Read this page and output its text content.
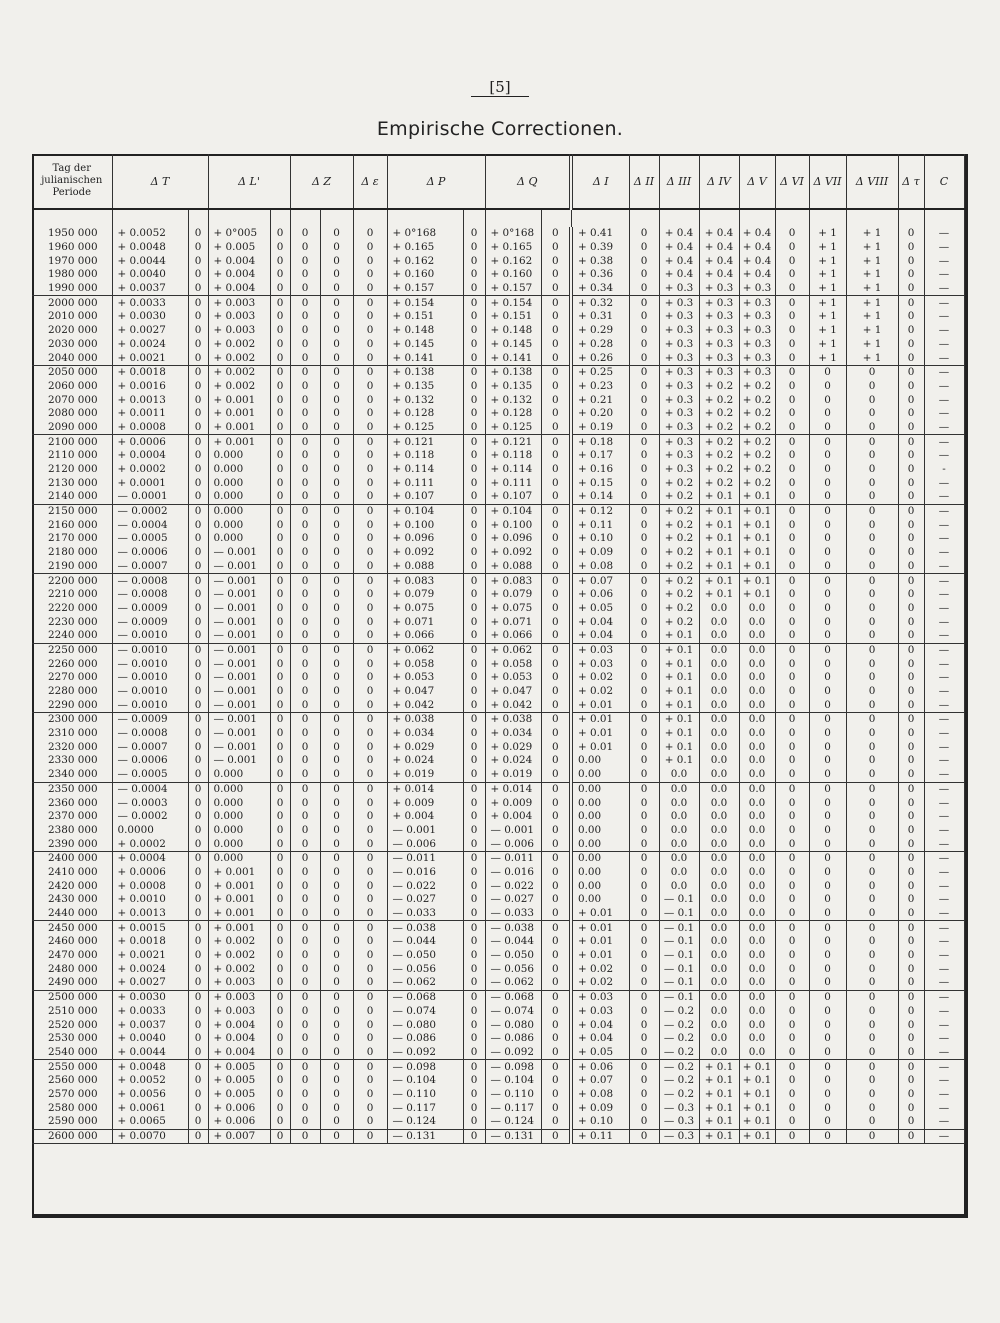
[5]
Empirische Correctionen.
Tag der julianischen Periode	Δ T		Δ L'		Δ Z		Δ ε	Δ P		Δ Q		Δ I	Δ II	Δ III	Δ IV	Δ V	Δ VI	Δ VII	Δ VIII	Δ τ	C

1950 000	+ 0.0052	0	+ 0°005	0	0	0	0	+ 0°168	0	+ 0°168	0	+ 0.41	0	+ 0.4	+ 0.4	+ 0.4	0	+ 1	+ 1	0	—
1960 000	+ 0.0048	0	+ 0.005	0	0	0	0	+ 0.165	0	+ 0.165	0	+ 0.39	0	+ 0.4	+ 0.4	+ 0.4	0	+ 1	+ 1	0	—
1970 000	+ 0.0044	0	+ 0.004	0	0	0	0	+ 0.162	0	+ 0.162	0	+ 0.38	0	+ 0.4	+ 0.4	+ 0.4	0	+ 1	+ 1	0	—
1980 000	+ 0.0040	0	+ 0.004	0	0	0	0	+ 0.160	0	+ 0.160	0	+ 0.36	0	+ 0.4	+ 0.4	+ 0.4	0	+ 1	+ 1	0	—
1990 000	+ 0.0037	0	+ 0.004	0	0	0	0	+ 0.157	0	+ 0.157	0	+ 0.34	0	+ 0.3	+ 0.3	+ 0.3	0	+ 1	+ 1	0	—
2000 000	+ 0.0033	0	+ 0.003	0	0	0	0	+ 0.154	0	+ 0.154	0	+ 0.32	0	+ 0.3	+ 0.3	+ 0.3	0	+ 1	+ 1	0	—
2010 000	+ 0.0030	0	+ 0.003	0	0	0	0	+ 0.151	0	+ 0.151	0	+ 0.31	0	+ 0.3	+ 0.3	+ 0.3	0	+ 1	+ 1	0	—
2020 000	+ 0.0027	0	+ 0.003	0	0	0	0	+ 0.148	0	+ 0.148	0	+ 0.29	0	+ 0.3	+ 0.3	+ 0.3	0	+ 1	+ 1	0	—
2030 000	+ 0.0024	0	+ 0.002	0	0	0	0	+ 0.145	0	+ 0.145	0	+ 0.28	0	+ 0.3	+ 0.3	+ 0.3	0	+ 1	+ 1	0	—
2040 000	+ 0.0021	0	+ 0.002	0	0	0	0	+ 0.141	0	+ 0.141	0	+ 0.26	0	+ 0.3	+ 0.3	+ 0.3	0	+ 1	+ 1	0	—
2050 000	+ 0.0018	0	+ 0.002	0	0	0	0	+ 0.138	0	+ 0.138	0	+ 0.25	0	+ 0.3	+ 0.3	+ 0.3	0	0	0	0	—
2060 000	+ 0.0016	0	+ 0.002	0	0	0	0	+ 0.135	0	+ 0.135	0	+ 0.23	0	+ 0.3	+ 0.2	+ 0.2	0	0	0	0	—
2070 000	+ 0.0013	0	+ 0.001	0	0	0	0	+ 0.132	0	+ 0.132	0	+ 0.21	0	+ 0.3	+ 0.2	+ 0.2	0	0	0	0	—
2080 000	+ 0.0011	0	+ 0.001	0	0	0	0	+ 0.128	0	+ 0.128	0	+ 0.20	0	+ 0.3	+ 0.2	+ 0.2	0	0	0	0	—
2090 000	+ 0.0008	0	+ 0.001	0	0	0	0	+ 0.125	0	+ 0.125	0	+ 0.19	0	+ 0.3	+ 0.2	+ 0.2	0	0	0	0	—
2100 000	+ 0.0006	0	+ 0.001	0	0	0	0	+ 0.121	0	+ 0.121	0	+ 0.18	0	+ 0.3	+ 0.2	+ 0.2	0	0	0	0	—
2110 000	+ 0.0004	0	0.000	0	0	0	0	+ 0.118	0	+ 0.118	0	+ 0.17	0	+ 0.3	+ 0.2	+ 0.2	0	0	0	0	—
2120 000	+ 0.0002	0	0.000	0	0	0	0	+ 0.114	0	+ 0.114	0	+ 0.16	0	+ 0.3	+ 0.2	+ 0.2	0	0	0	0	-
2130 000	+ 0.0001	0	0.000	0	0	0	0	+ 0.111	0	+ 0.111	0	+ 0.15	0	+ 0.2	+ 0.2	+ 0.2	0	0	0	0	—
2140 000	— 0.0001	0	0.000	0	0	0	0	+ 0.107	0	+ 0.107	0	+ 0.14	0	+ 0.2	+ 0.1	+ 0.1	0	0	0	0	—
2150 000	— 0.0002	0	0.000	0	0	0	0	+ 0.104	0	+ 0.104	0	+ 0.12	0	+ 0.2	+ 0.1	+ 0.1	0	0	0	0	—
2160 000	— 0.0004	0	0.000	0	0	0	0	+ 0.100	0	+ 0.100	0	+ 0.11	0	+ 0.2	+ 0.1	+ 0.1	0	0	0	0	—
2170 000	— 0.0005	0	0.000	0	0	0	0	+ 0.096	0	+ 0.096	0	+ 0.10	0	+ 0.2	+ 0.1	+ 0.1	0	0	0	0	—
2180 000	— 0.0006	0	— 0.001	0	0	0	0	+ 0.092	0	+ 0.092	0	+ 0.09	0	+ 0.2	+ 0.1	+ 0.1	0	0	0	0	—
2190 000	— 0.0007	0	— 0.001	0	0	0	0	+ 0.088	0	+ 0.088	0	+ 0.08	0	+ 0.2	+ 0.1	+ 0.1	0	0	0	0	—
2200 000	— 0.0008	0	— 0.001	0	0	0	0	+ 0.083	0	+ 0.083	0	+ 0.07	0	+ 0.2	+ 0.1	+ 0.1	0	0	0	0	—
2210 000	— 0.0008	0	— 0.001	0	0	0	0	+ 0.079	0	+ 0.079	0	+ 0.06	0	+ 0.2	+ 0.1	+ 0.1	0	0	0	0	—
2220 000	— 0.0009	0	— 0.001	0	0	0	0	+ 0.075	0	+ 0.075	0	+ 0.05	0	+ 0.2	0.0	0.0	0	0	0	0	—
2230 000	— 0.0009	0	— 0.001	0	0	0	0	+ 0.071	0	+ 0.071	0	+ 0.04	0	+ 0.2	0.0	0.0	0	0	0	0	—
2240 000	— 0.0010	0	— 0.001	0	0	0	0	+ 0.066	0	+ 0.066	0	+ 0.04	0	+ 0.1	0.0	0.0	0	0	0	0	—
2250 000	— 0.0010	0	— 0.001	0	0	0	0	+ 0.062	0	+ 0.062	0	+ 0.03	0	+ 0.1	0.0	0.0	0	0	0	0	—
2260 000	— 0.0010	0	— 0.001	0	0	0	0	+ 0.058	0	+ 0.058	0	+ 0.03	0	+ 0.1	0.0	0.0	0	0	0	0	—
2270 000	— 0.0010	0	— 0.001	0	0	0	0	+ 0.053	0	+ 0.053	0	+ 0.02	0	+ 0.1	0.0	0.0	0	0	0	0	—
2280 000	— 0.0010	0	— 0.001	0	0	0	0	+ 0.047	0	+ 0.047	0	+ 0.02	0	+ 0.1	0.0	0.0	0	0	0	0	—
2290 000	— 0.0010	0	— 0.001	0	0	0	0	+ 0.042	0	+ 0.042	0	+ 0.01	0	+ 0.1	0.0	0.0	0	0	0	0	—
2300 000	— 0.0009	0	— 0.001	0	0	0	0	+ 0.038	0	+ 0.038	0	+ 0.01	0	+ 0.1	0.0	0.0	0	0	0	0	—
2310 000	— 0.0008	0	— 0.001	0	0	0	0	+ 0.034	0	+ 0.034	0	+ 0.01	0	+ 0.1	0.0	0.0	0	0	0	0	—
2320 000	— 0.0007	0	— 0.001	0	0	0	0	+ 0.029	0	+ 0.029	0	+ 0.01	0	+ 0.1	0.0	0.0	0	0	0	0	—
2330 000	— 0.0006	0	— 0.001	0	0	0	0	+ 0.024	0	+ 0.024	0	0.00	0	+ 0.1	0.0	0.0	0	0	0	0	—
2340 000	— 0.0005	0	0.000	0	0	0	0	+ 0.019	0	+ 0.019	0	0.00	0	0.0	0.0	0.0	0	0	0	0	—
2350 000	— 0.0004	0	0.000	0	0	0	0	+ 0.014	0	+ 0.014	0	0.00	0	0.0	0.0	0.0	0	0	0	0	—
2360 000	— 0.0003	0	0.000	0	0	0	0	+ 0.009	0	+ 0.009	0	0.00	0	0.0	0.0	0.0	0	0	0	0	—
2370 000	— 0.0002	0	0.000	0	0	0	0	+ 0.004	0	+ 0.004	0	0.00	0	0.0	0.0	0.0	0	0	0	0	—
2380 000	0.0000	0	0.000	0	0	0	0	— 0.001	0	— 0.001	0	0.00	0	0.0	0.0	0.0	0	0	0	0	—
2390 000	+ 0.0002	0	0.000	0	0	0	0	— 0.006	0	— 0.006	0	0.00	0	0.0	0.0	0.0	0	0	0	0	—
2400 000	+ 0.0004	0	0.000	0	0	0	0	— 0.011	0	— 0.011	0	0.00	0	0.0	0.0	0.0	0	0	0	0	—
2410 000	+ 0.0006	0	+ 0.001	0	0	0	0	— 0.016	0	— 0.016	0	0.00	0	0.0	0.0	0.0	0	0	0	0	—
2420 000	+ 0.0008	0	+ 0.001	0	0	0	0	— 0.022	0	— 0.022	0	0.00	0	0.0	0.0	0.0	0	0	0	0	—
2430 000	+ 0.0010	0	+ 0.001	0	0	0	0	— 0.027	0	— 0.027	0	0.00	0	— 0.1	0.0	0.0	0	0	0	0	—
2440 000	+ 0.0013	0	+ 0.001	0	0	0	0	— 0.033	0	— 0.033	0	+ 0.01	0	— 0.1	0.0	0.0	0	0	0	0	—
2450 000	+ 0.0015	0	+ 0.001	0	0	0	0	— 0.038	0	— 0.038	0	+ 0.01	0	— 0.1	0.0	0.0	0	0	0	0	—
2460 000	+ 0.0018	0	+ 0.002	0	0	0	0	— 0.044	0	— 0.044	0	+ 0.01	0	— 0.1	0.0	0.0	0	0	0	0	—
2470 000	+ 0.0021	0	+ 0.002	0	0	0	0	— 0.050	0	— 0.050	0	+ 0.01	0	— 0.1	0.0	0.0	0	0	0	0	—
2480 000	+ 0.0024	0	+ 0.002	0	0	0	0	— 0.056	0	— 0.056	0	+ 0.02	0	— 0.1	0.0	0.0	0	0	0	0	—
2490 000	+ 0.0027	0	+ 0.003	0	0	0	0	— 0.062	0	— 0.062	0	+ 0.02	0	— 0.1	0.0	0.0	0	0	0	0	—
2500 000	+ 0.0030	0	+ 0.003	0	0	0	0	— 0.068	0	— 0.068	0	+ 0.03	0	— 0.1	0.0	0.0	0	0	0	0	—
2510 000	+ 0.0033	0	+ 0.003	0	0	0	0	— 0.074	0	— 0.074	0	+ 0.03	0	— 0.2	0.0	0.0	0	0	0	0	—
2520 000	+ 0.0037	0	+ 0.004	0	0	0	0	— 0.080	0	— 0.080	0	+ 0.04	0	— 0.2	0.0	0.0	0	0	0	0	—
2530 000	+ 0.0040	0	+ 0.004	0	0	0	0	— 0.086	0	— 0.086	0	+ 0.04	0	— 0.2	0.0	0.0	0	0	0	0	—
2540 000	+ 0.0044	0	+ 0.004	0	0	0	0	— 0.092	0	— 0.092	0	+ 0.05	0	— 0.2	0.0	0.0	0	0	0	0	—
2550 000	+ 0.0048	0	+ 0.005	0	0	0	0	— 0.098	0	— 0.098	0	+ 0.06	0	— 0.2	+ 0.1	+ 0.1	0	0	0	0	—
2560 000	+ 0.0052	0	+ 0.005	0	0	0	0	— 0.104	0	— 0.104	0	+ 0.07	0	— 0.2	+ 0.1	+ 0.1	0	0	0	0	—
2570 000	+ 0.0056	0	+ 0.005	0	0	0	0	— 0.110	0	— 0.110	0	+ 0.08	0	— 0.2	+ 0.1	+ 0.1	0	0	0	0	—
2580 000	+ 0.0061	0	+ 0.006	0	0	0	0	— 0.117	0	— 0.117	0	+ 0.09	0	— 0.3	+ 0.1	+ 0.1	0	0	0	0	—
2590 000	+ 0.0065	0	+ 0.006	0	0	0	0	— 0.124	0	— 0.124	0	+ 0.10	0	— 0.3	+ 0.1	+ 0.1	0	0	0	0	—
2600 000	+ 0.0070	0	+ 0.007	0	0	0	0	— 0.131	0	— 0.131	0	+ 0.11	0	— 0.3	+ 0.1	+ 0.1	0	0	0	0	—
